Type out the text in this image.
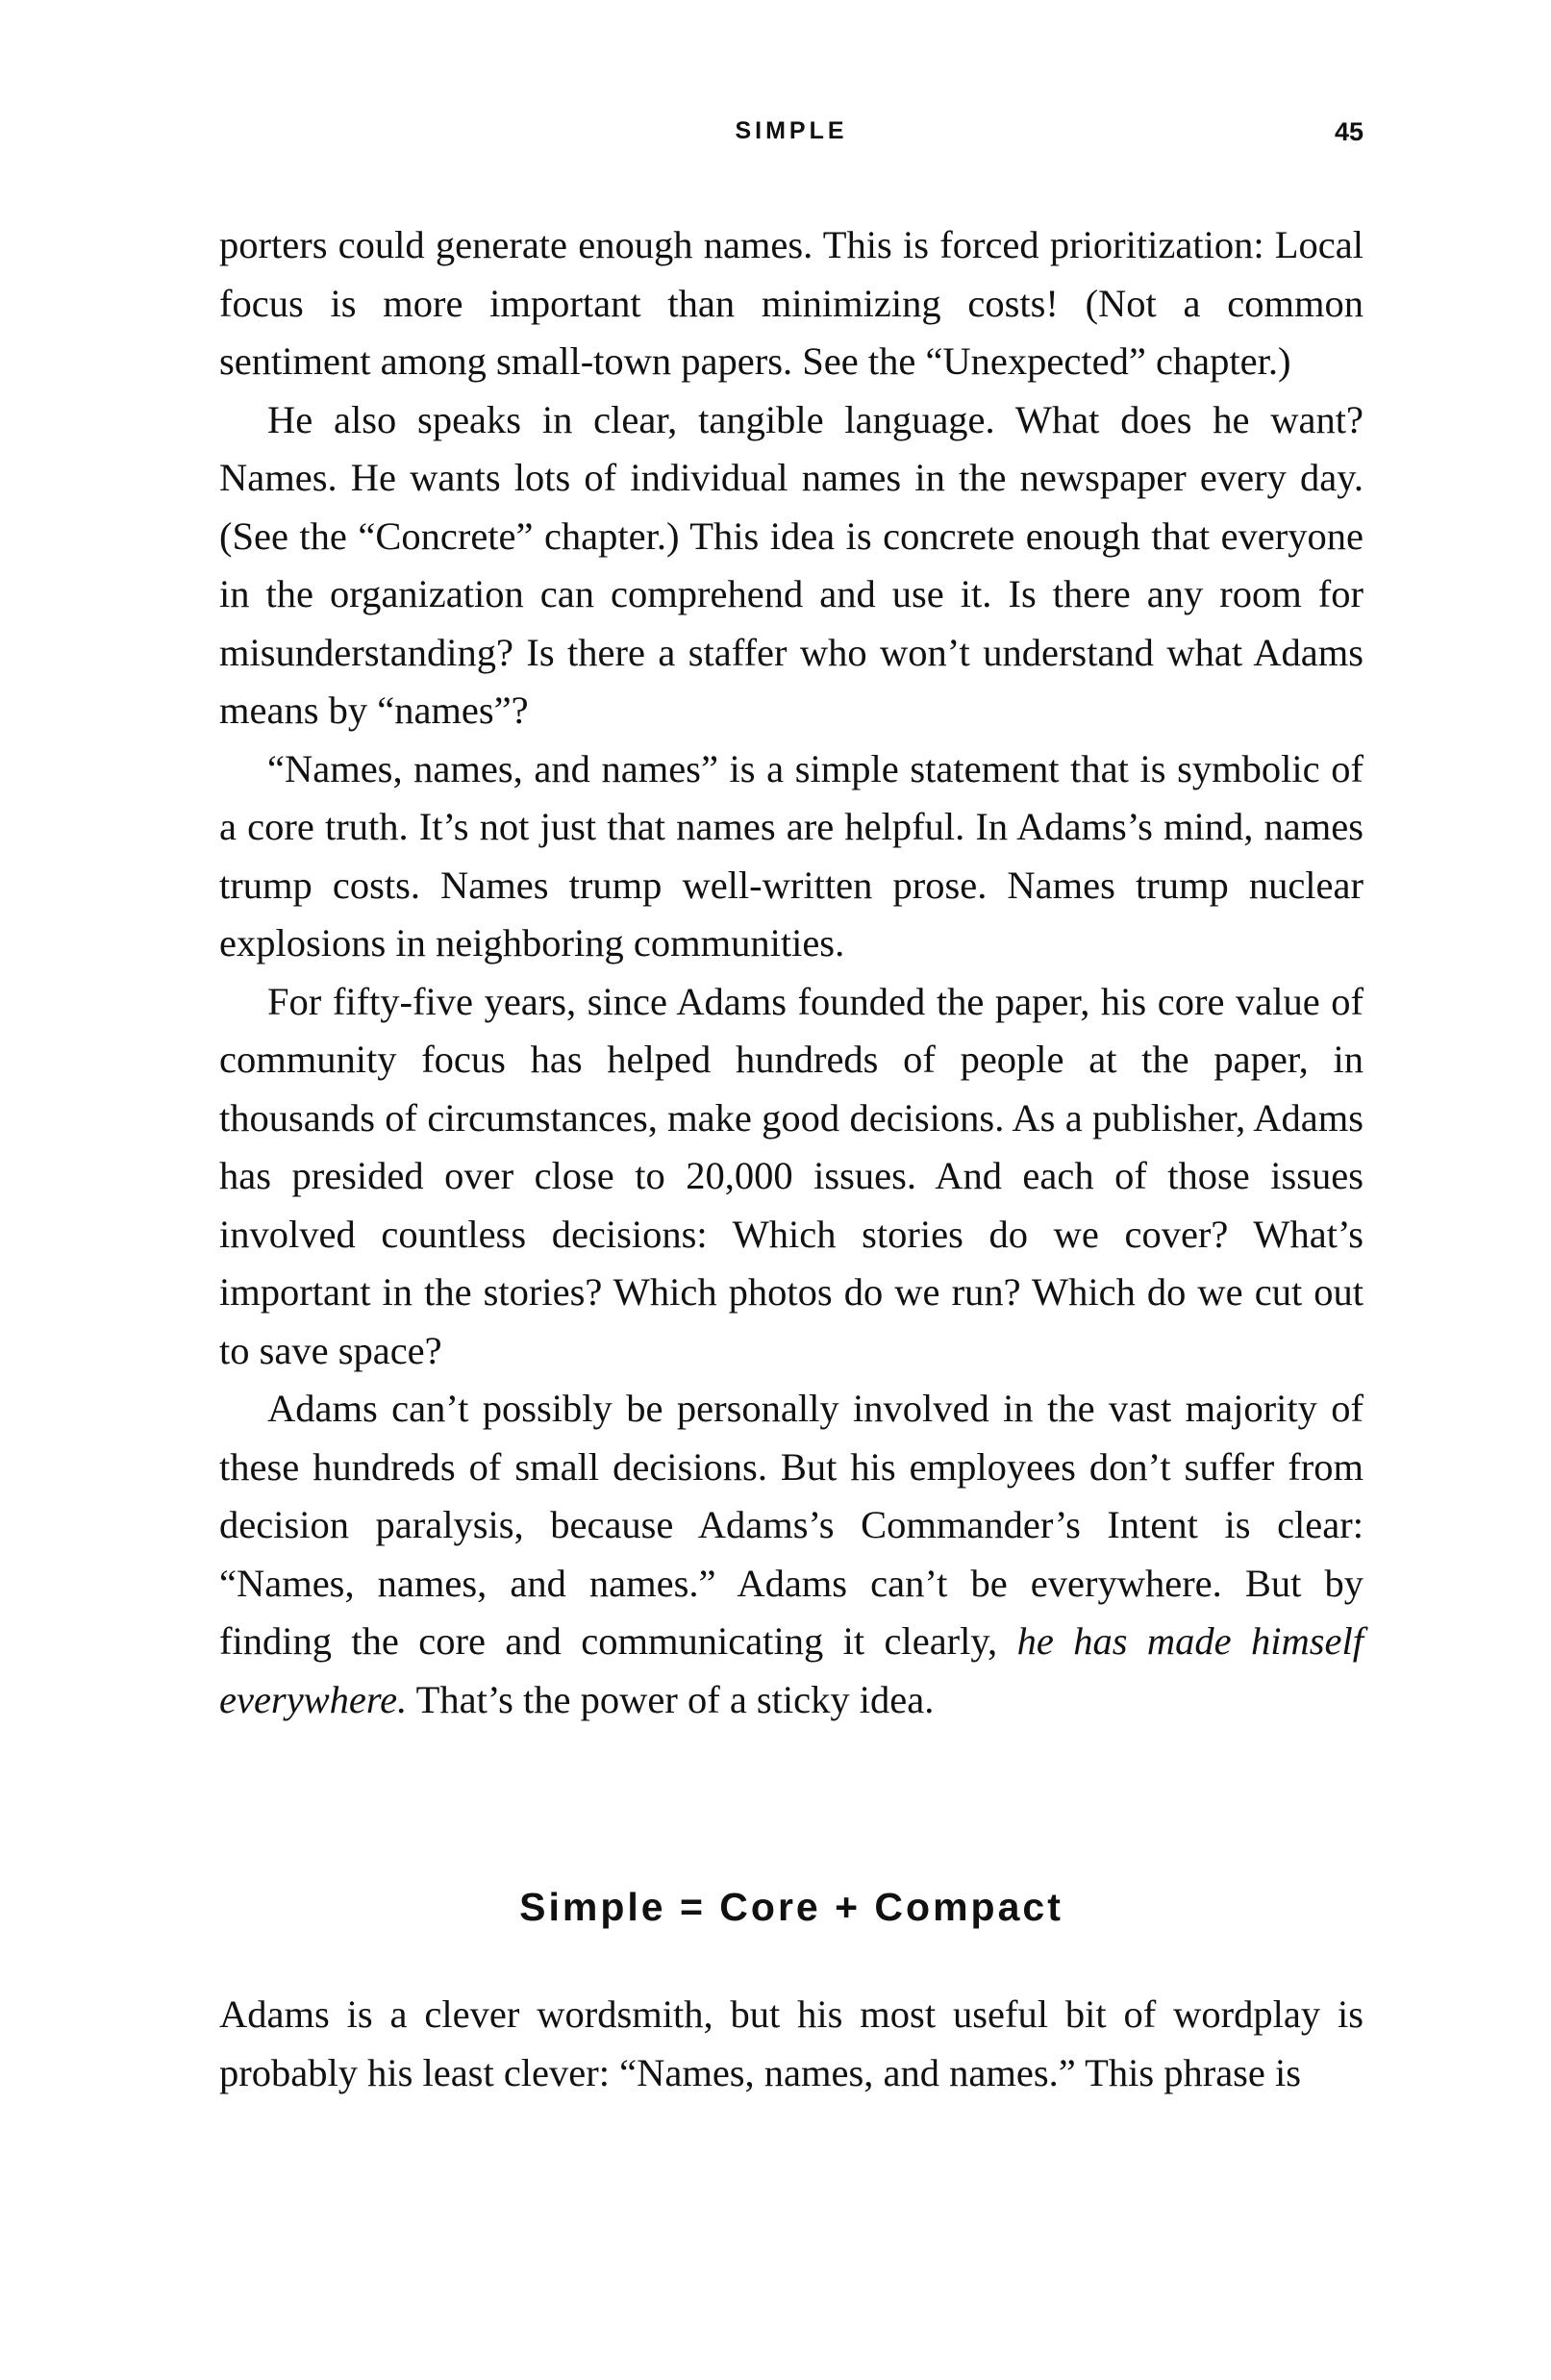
SIMPLE	45

porters could generate enough names. This is forced prioritization: Local focus is more important than minimizing costs! (Not a common sentiment among small-town papers. See the “Unexpected” chapter.)

He also speaks in clear, tangible language. What does he want? Names. He wants lots of individual names in the newspaper every day. (See the “Concrete” chapter.) This idea is concrete enough that everyone in the organization can comprehend and use it. Is there any room for misunderstanding? Is there a staffer who won’t understand what Adams means by “names”?

“Names, names, and names” is a simple statement that is symbolic of a core truth. It’s not just that names are helpful. In Adams’s mind, names trump costs. Names trump well-written prose. Names trump nuclear explosions in neighboring communities.

For fifty-five years, since Adams founded the paper, his core value of community focus has helped hundreds of people at the paper, in thousands of circumstances, make good decisions. As a publisher, Adams has presided over close to 20,000 issues. And each of those issues involved countless decisions: Which stories do we cover? What’s important in the stories? Which photos do we run? Which do we cut out to save space?

Adams can’t possibly be personally involved in the vast majority of these hundreds of small decisions. But his employees don’t suffer from decision paralysis, because Adams’s Commander’s Intent is clear: “Names, names, and names.” Adams can’t be everywhere. But by finding the core and communicating it clearly, he has made himself everywhere. That’s the power of a sticky idea.

Simple = Core + Compact

Adams is a clever wordsmith, but his most useful bit of wordplay is probably his least clever: “Names, names, and names.” This phrase is
